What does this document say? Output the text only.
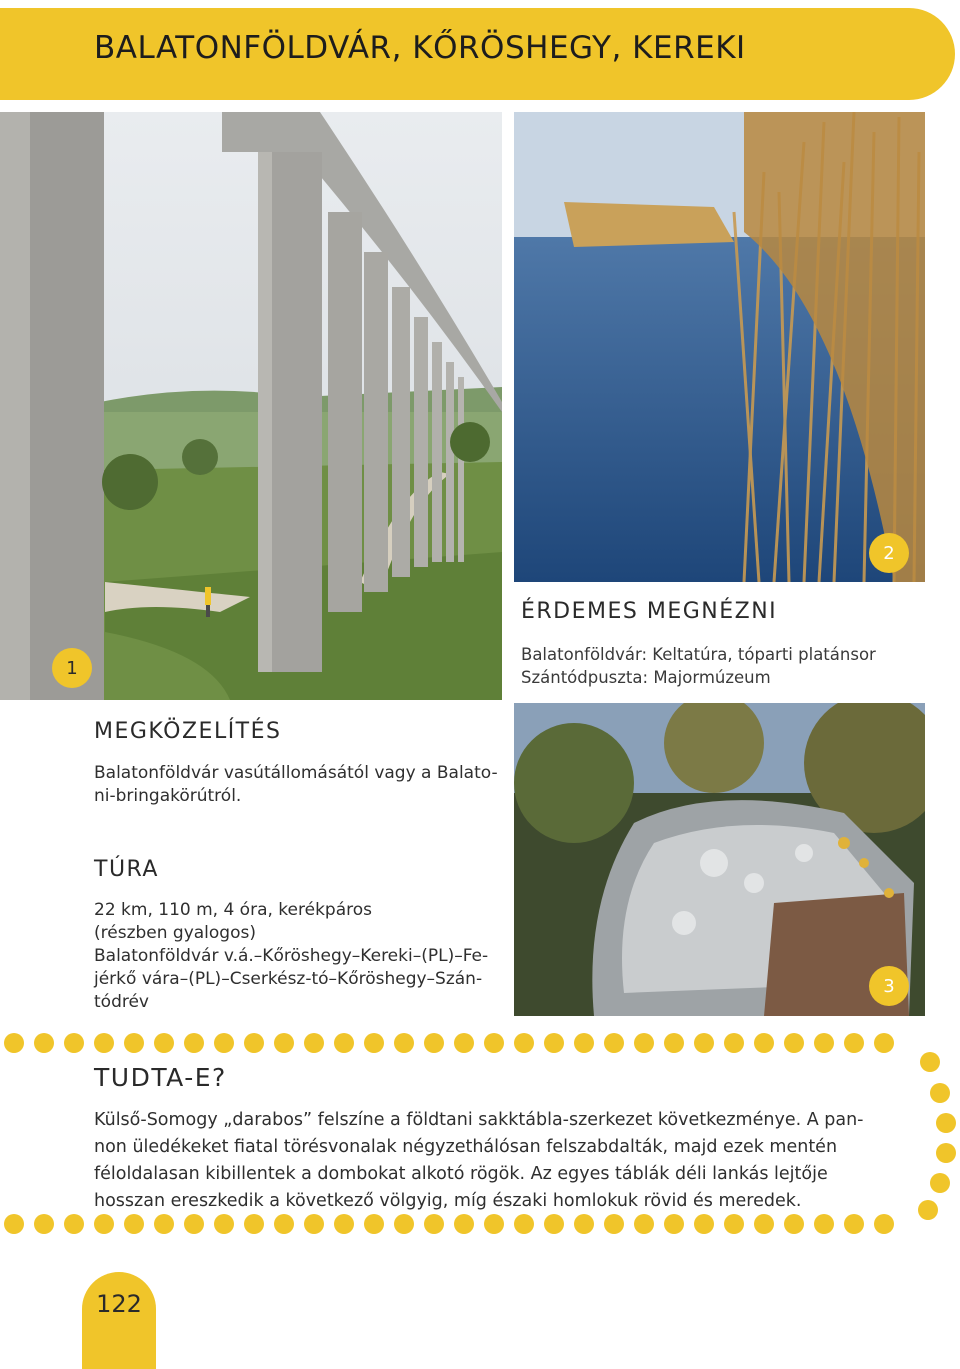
BALATONFÖLDVÁR, KŐRÖSHEGY, KEREKI
1
2
3
ÉRDEMES MEGNÉZNI
Balatonföldvár: Keltatúra, tóparti platánsor
Szántódpuszta: Majormúzeum
MEGKÖZELÍTÉS
Balatonföldvár vasútállomásától vagy a Balato-
ni-bringakörútról.
TÚRA
22 km, 110 m, 4 óra, kerékpáros
(részben gyalogos)
Balatonföldvár v.á.–Kőröshegy–Kereki–(PL)–Fe-
jérkő vára–(PL)–Cserkész-tó–Kőröshegy–Szán-
tódrév
TUDTA-E?
Külső-Somogy „darabos” felszíne a földtani sakktábla-szerkezet következménye. A pan-
non üledékeket fiatal törésvonalak négyzethálósan felszabdalták, majd ezek mentén
féloldalasan kibillentek a dombokat alkotó rögök. Az egyes táblák déli lankás lejtője
hosszan ereszkedik a következő völgyig, míg északi homlokuk rövid és meredek.
122
